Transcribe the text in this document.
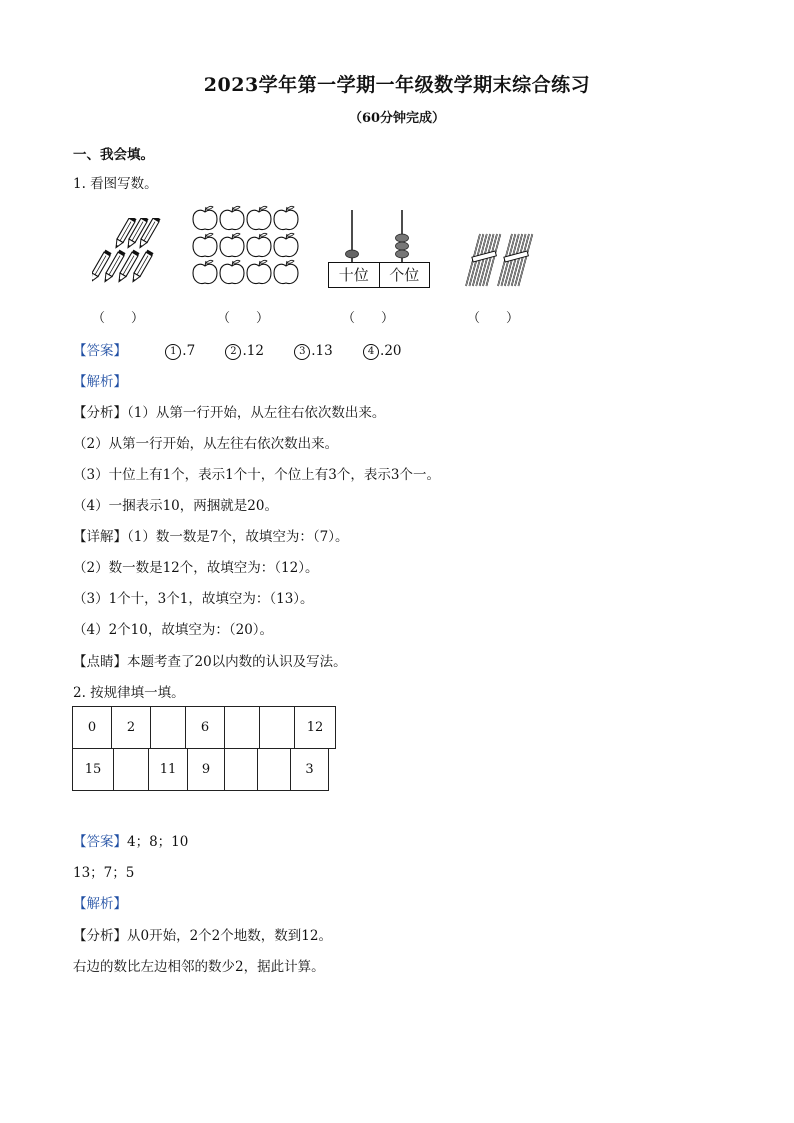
2023学年第一学期一年级数学期末综合练习
（60分钟完成）
一、我会填。
1. 看图写数。
十位	个位
（　　）	（　　）	（　　）	（　　）
【答案】	1 .7	2 .12	3 .13	4 .20
【解析】
【分析】（1）从第一行开始，从左往右依次数出来。
（2）从第一行开始，从左往右依次数出来。
（3）十位上有1个，表示1个十，个位上有3个，表示3个一。
（4）一捆表示10，两捆就是20。
【详解】（1）数一数是7个，故填空为：（7）。
（2）数一数是12个，故填空为：（12）。
（3）1个十，3个1，故填空为：（13）。
（4）2个10，故填空为：（20）。
【点睛】本题考查了20以内数的认识及写法。
2. 按规律填一填。
0	2		6			12
15		11	9			3
【答案】4；8；10
13；7；5
【解析】
【分析】从0开始，2个2个地数，数到12。
右边的数比左边相邻的数少2，据此计算。
